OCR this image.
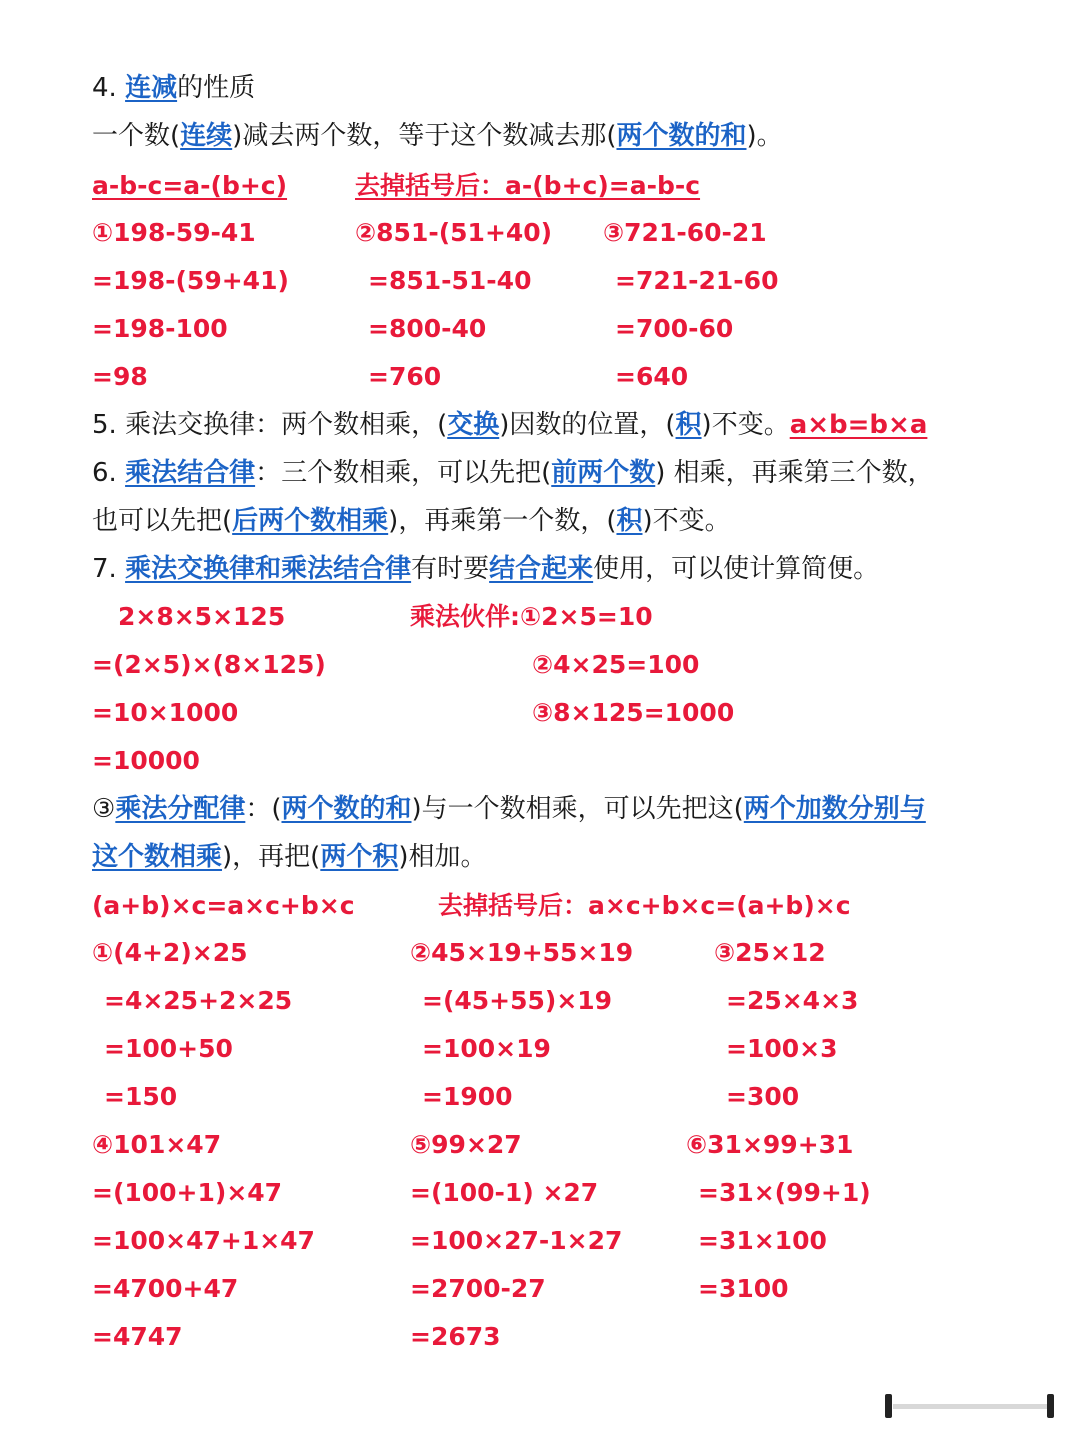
4. 连减的性质
一个数(连续)减去两个数，等于这个数减去那(两个数的和)。
a-b-c=a-(b+c)	去掉括号后：a-(b+c)=a-b-c
①198-59-41
=198-(59+41)
=198-100
=98
②851-(51+40)
=851-51-40
=800-40
=760
③721-60-21
=721-21-60
=700-60
=640
5. 乘法交换律：两个数相乘，(交换)因数的位置，(积)不变。a×b=b×a
6. 乘法结合律：三个数相乘，可以先把(前两个数) 相乘，再乘第三个数，
也可以先把(后两个数相乘)，再乘第一个数，(积)不变。
7. 乘法交换律和乘法结合律有时要结合起来使用，可以使计算简便。
2×8×5×125
=(2×5)×(8×125)
=10×1000
=10000
乘法伙伴:①2×5=10
②4×25=100
③8×125=1000
③乘法分配律：(两个数的和)与一个数相乘，可以先把这(两个加数分别与
这个数相乘)，再把(两个积)相加。
(a+b)×c=a×c+b×c	去掉括号后：a×c+b×c=(a+b)×c
①(4+2)×25
=4×25+2×25
=100+50
=150
②45×19+55×19
=(45+55)×19
=100×19
=1900
③25×12
=25×4×3
=100×3
=300
④101×47
=(100+1)×47
=100×47+1×47
=4700+47
=4747
⑤99×27
=(100-1) ×27
=100×27-1×27
=2700-27
=2673
⑥31×99+31
=31×(99+1)
=31×100
=3100
